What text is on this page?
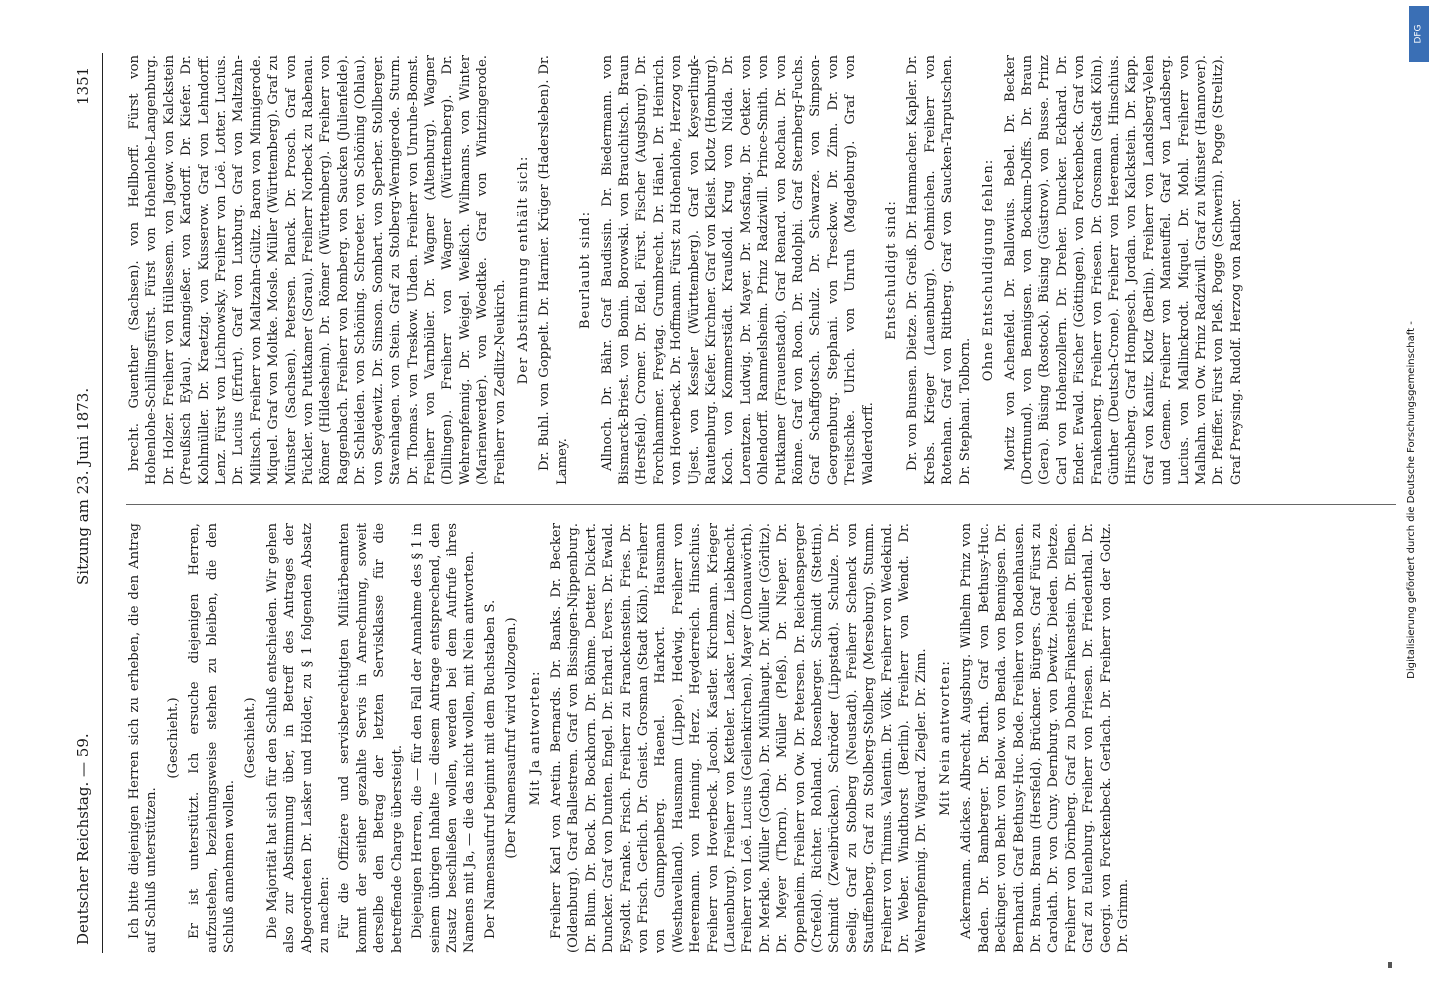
Deutscher Reichstag. — 59.
Sitzung am 23. Juni 1873.
1351

Ich bitte diejenigen Herren sich zu erheben, die den Antrag auf Schluß unterstützen.

(Geschieht.) Er ist unterstützt. Ich ersuche diejenigen Herren, aufzustehen, beziehungsweise stehen zu bleiben, die den Schluß annehmen wollen.

(Geschieht.) Die Majorität hat sich für den Schluß entschieden. Wir gehen also zur Abstimmung über, in Betreff des Antrages der Abgeordneten Dr. Lasker und Hölder, zu § 1 folgenden Absatz zu machen: Für die Offiziere und servisberechtigten Militärbeamten kommt der seither gezahlte Servis in Anrechnung, soweit derselbe den Betrag der letzten Servisklasse für die betreffende Charge übersteigt. Diejenigen Herren, die — für den Fall der Annahme des § 1 in seinem übrigen Inhalte — diesem Antrage entsprechend, den Zusatz beschließen wollen, werden bei dem Aufrufe ihres Namens mit Ja, — die das nicht wollen, mit Nein antworten. Der Namensaufruf beginnt mit dem Buchstaben S. (Der Namensaufruf wird vollzogen.) Mit Ja antworten: Freiherr Karl von Aretin. Bernards. Dr. Banks. Dr. Becker (Oldenburg). Graf Ballestrem. Graf von Bissingen-Nippenburg. Dr. Blum. Dr. Bock. Dr. Bockhorn. Dr. Böhme. Detter. Dickert. Duncker. Graf von Dunten. Engel. Dr. Erhard. Evers. Dr. Ewald. Eysoldt. Franke. Frisch. Freiherr zu Franckenstein. Fries. Dr. von Frisch. Gerlich. Dr. Gneist. Grosman (Stadt Köln). Freiherr von Gumppenberg. Haenel. Harkort. Hausmann (Westhavelland). Hausmann (Lippe). Hedwig. Freiherr von Heeremann. von Henning. Herz. Heyderreich. Hinschius. Freiherr von Hoverbeck. Jacobi. Kastler. Kirchmann. Krieger (Lauenburg). Freiherr von Ketteler. Lasker. Lenz. Liebknecht. Freiherr von Loë. Lucius (Geilenkirchen). Mayer (Donauwörth). Dr. Merkle. Müller (Gotha). Dr. Mühlhaupt. Dr. Müller (Görlitz). Dr. Meyer (Thorn). Dr. Müller (Pleß). Dr. Nieper. Dr. Oppenheim. Freiherr von Ow. Dr. Petersen. Dr. Reichensperger (Crefeld). Richter. Rohland. Rosenberger. Schmidt (Stettin). Schmidt (Zweibrücken). Schröder (Lippstadt). Schulze. Dr. Seelig. Graf zu Stolberg (Neustadt). Freiherr Schenck von Stauffenberg. Graf zu Stolberg-Stolberg (Merseburg). Stumm. Freiherr von Thimus. Valentin. Dr. Völk. Freiherr von Wedekind. Dr. Weber. Windthorst (Berlin). Freiherr von Wendt. Dr. Wehrenpfennig. Dr. Wigard. Ziegler. Dr. Zinn. Mit Nein antworten: Ackermann. Adickes. Albrecht. Augsburg. Wilhelm Prinz von Baden. Dr. Bamberger. Dr. Barth. Graf von Bethusy-Huc. Beckinger. von Behr. von Below. von Benda. von Bennigsen. Dr. Bernhardi. Graf Bethusy-Huc. Bode. Freiherr von Bodenhausen. Dr. Braun. Braun (Hersfeld). Brückner. Bürgers. Graf Fürst zu Carolath. Dr. von Cuny. Dernburg. von Dewitz. Dieden. Dietze. Freiherr von Dörnberg. Graf zu Dohna-Finkenstein. Dr. Elben. Graf zu Eulenburg. Freiherr von Friesen. Dr. Friedenthal. Dr. Georgi. von Forckenbeck. Gerlach. Dr. Freiherr von der Goltz. Dr. Grimm.

brecht. Guenther (Sachsen). von Hellborff. Fürst von Hohenlohe-Schillingsfürst. Fürst von Hohenlohe-Langenburg. Dr. Holzer. Freiherr von Hüllessem. von Jagow. von Kalckstein (Preußisch Eylau). Kanngießer. von Kardorff. Dr. Kiefer. Dr. Kohlmüller. Dr. Kraetzig. von Kusserow. Graf von Lehndorff. Lenz. Fürst von Lichnowsky. Freiherr von Loë. Lotter. Lucius. Dr. Lucius (Erfurt). Graf von Luxburg. Graf von Maltzahn-Militsch. Freiherr von Maltzahn-Gültz. Baron von Minnigerode. Miquel. Graf von Moltke. Mosle. Müller (Württemberg). Graf zu Münster (Sachsen). Petersen. Planck. Dr. Prosch. Graf von Pückler. von Puttkamer (Sorau). Freiherr Norbeck zu Rabenau. Römer (Hildesheim). Dr. Römer (Württemberg). Freiherr von Raggenbach. Freiherr von Romberg. von Saucken (Julienfelde). Dr. Schleiden. von Schöning. Schroeter. von Schöning (Ohlau). von Seydewitz. Dr. Simson. Sombart. von Sperber. Stollberger. Stavenhagen. von Stein. Graf zu Stolberg-Wernigerode. Sturm. Dr. Thomas. von Treskow. Uhden. Freiherr von Unruhe-Bomst. Freiherr von Varnbüler. Dr. Wagner (Altenburg). Wagner (Dillingen). Freiherr von Wagner (Württemberg). Dr. Wehrenpfennig. Dr. Weigel. Weißich. Wilmanns. von Winter (Marienwerder). von Woedtke. Graf von Wintzingerode. Freiherr von Zedlitz-Neukirch. Der Abstimmung enthält sich: Dr. Buhl. von Goppelt. Dr. Harnier. Krüger (Hadersleben). Dr. Lamey.

Beurlaubt sind: Allnoch. Dr. Bähr. Graf Baudissin. Dr. Biedermann. von Bismarck-Briest. von Bonin. Borowski. von Brauchitsch. Braun (Hersfeld). Cromer. Dr. Edel. Fürst. Fischer (Augsburg). Dr. Forchhammer. Freytag. Grumbrecht. Dr. Hänel. Dr. Heinrich. von Hoverbeck. Dr. Hoffmann. Fürst zu Hohenlohe, Herzog von Ujest. von Kessler (Württemberg). Graf von Keyserlingk-Rautenburg. Kiefer. Kirchner. Graf von Kleist. Klotz (Homburg). Koch. von Kommerstädt. Kraußold. Krug von Nidda. Dr. Lorentzen. Ludwig. Dr. Mayer. Dr. Mosfang. Dr. Oetker. von Ohlendorff. Rammelsheim. Prinz Radziwill. Prince-Smith. von Puttkamer (Frauenstadt). Graf Renard. von Rochau. Dr. von Rönne. Graf von Roon. Dr. Rudolphi. Graf Sternberg-Fuchs. Graf Schaffgotsch. Schulz. Dr. Schwarze. von Simpson-Georgenburg. Stephani. von Tresckow. Dr. Zinn. Dr. von Treitschke. Ulrich. von Unruh (Magdeburg). Graf von Walderdorff.

Entschuldigt sind: Dr. von Bunsen. Dietze. Dr. Greiß. Dr. Hammacher. Kapler. Dr. Krebs. Krieger (Lauenburg). Oehmichen. Freiherr von Rotenhan. Graf von Rittberg. Graf von Saucken-Tarputschen. Dr. Stephani. Tolborn.

Ohne Entschuldigung fehlen: Moritz von Achenfeld. Dr. Ballowius. Bebel. Dr. Becker (Dortmund). von Bennigsen. von Bockum-Dolffs. Dr. Braun (Gera). Büsing (Rostock). Büsing (Güstrow). von Busse. Prinz Carl von Hohenzollern. Dr. Dreher. Duncker. Eckhard. Dr. Ender. Ewald. Fischer (Göttingen). von Forckenbeck. Graf von Frankenberg. Freiherr von Friesen. Dr. Grosman (Stadt Köln). Günther (Deutsch-Crone). Freiherr von Heereman. Hinschius. Hirschberg. Graf Hompesch. Jordan. von Kalckstein. Dr. Kapp. Graf von Kanitz. Klotz (Berlin). Freiherr von Landsberg-Velen und Gemen. Freiherr von Manteuffel. Graf von Landsberg. Lucius. von Mallinckrodt. Miquel. Dr. Mohl. Freiherr von Malhahn. von Ow. Prinz Radziwill. Graf zu Münster (Hannover). Dr. Pfeiffer. Fürst von Pleß. Pogge (Schwerin). Pogge (Strelitz). Graf Preysing. Rudolf. Herzog von Ratibor.

DFG
Digitalisierung gefördert durch die Deutsche Forschungsgemeinschaft -
